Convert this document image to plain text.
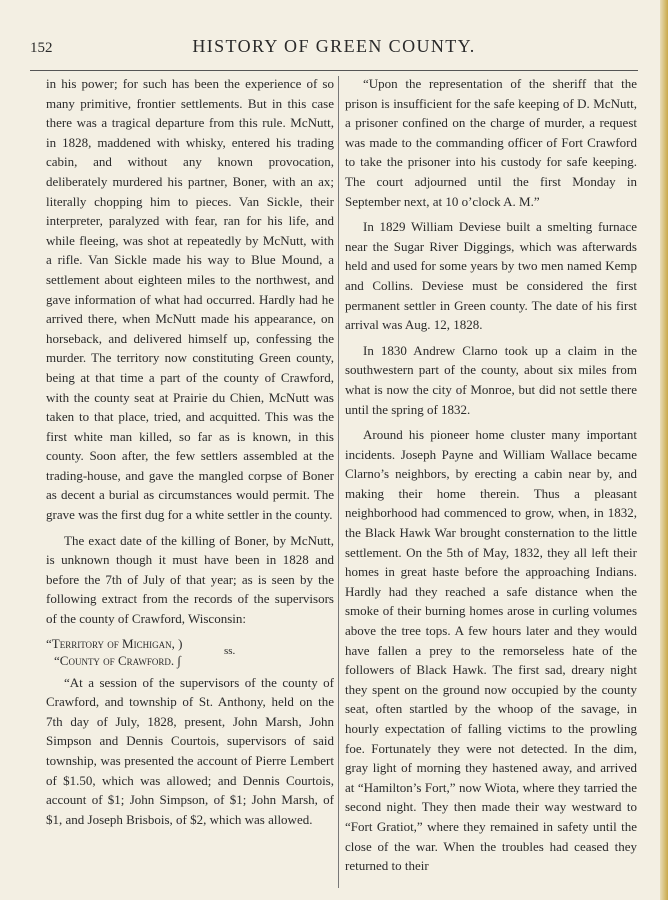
152	HISTORY OF GREEN COUNTY.

in his power; for such has been the experience of so many primitive, frontier settlements. But in this case there was a tragical departure from this rule. McNutt, in 1828, maddened with whisky, entered his trading cabin, and without any known provocation, deliberately murdered his partner, Boner, with an ax; literally chopping him to pieces. Van Sickle, their interpreter, paralyzed with fear, ran for his life, and while fleeing, was shot at repeatedly by McNutt, with a rifle. Van Sickle made his way to Blue Mound, a settlement about eighteen miles to the northwest, and gave information of what had occurred. Hardly had he arrived there, when McNutt made his appearance, on horseback, and delivered himself up, confessing the murder. The territory now constituting Green county, being at that time a part of the county of Crawford, with the county seat at Prairie du Chien, McNutt was taken to that place, tried, and acquitted. This was the first white man killed, so far as is known, in this county. Soon after, the few settlers assembled at the trading-house, and gave the mangled corpse of Boner as decent a burial as circumstances would permit. The grave was the first dug for a white settler in the county.

The exact date of the killing of Boner, by McNutt, is unknown though it must have been in 1828 and before the 7th of July of that year; as is seen by the following extract from the records of the supervisors of the county of Crawford, Wisconsin:

“Territory of Michigan, )
“County of Crawford. ∫
ss.

“At a session of the supervisors of the county of Crawford, and township of St. Anthony, held on the 7th day of July, 1828, present, John Marsh, John Simpson and Dennis Courtois, supervisors of said township, was presented the account of Pierre Lembert of $1.50, which was allowed; and Dennis Courtois, account of $1; John Simpson, of $1; John Marsh, of $1, and Joseph Brisbois, of $2, which was allowed.

“Upon the representation of the sheriff that the prison is insufficient for the safe keeping of D. McNutt, a prisoner confined on the charge of murder, a request was made to the commanding officer of Fort Crawford to take the prisoner into his custody for safe keeping. The court adjourned until the first Monday in September next, at 10 o’clock A. M.”

In 1829 William Deviese built a smelting furnace near the Sugar River Diggings, which was afterwards held and used for some years by two men named Kemp and Collins. Deviese must be considered the first permanent settler in Green county. The date of his first arrival was Aug. 12, 1828.

In 1830 Andrew Clarno took up a claim in the southwestern part of the county, about six miles from what is now the city of Monroe, but did not settle there until the spring of 1832.

Around his pioneer home cluster many important incidents. Joseph Payne and William Wallace became Clarno’s neighbors, by erecting a cabin near by, and making their home therein. Thus a pleasant neighborhood had commenced to grow, when, in 1832, the Black Hawk War brought consternation to the little settlement. On the 5th of May, 1832, they all left their homes in great haste before the approaching Indians. Hardly had they reached a safe distance when the smoke of their burning homes arose in curling volumes above the tree tops. A few hours later and they would have fallen a prey to the remorseless hate of the followers of Black Hawk. The first sad, dreary night they spent on the ground now occupied by the county seat, often startled by the whoop of the savage, in hourly expectation of falling victims to the prowling foe. Fortunately they were not detected. In the dim, gray light of morning they hastened away, and arrived at “Hamilton’s Fort,” now Wiota, where they tarried the second night. They then made their way westward to “Fort Gratiot,” where they remained in safety until the close of the war. When the troubles had ceased they returned to their
